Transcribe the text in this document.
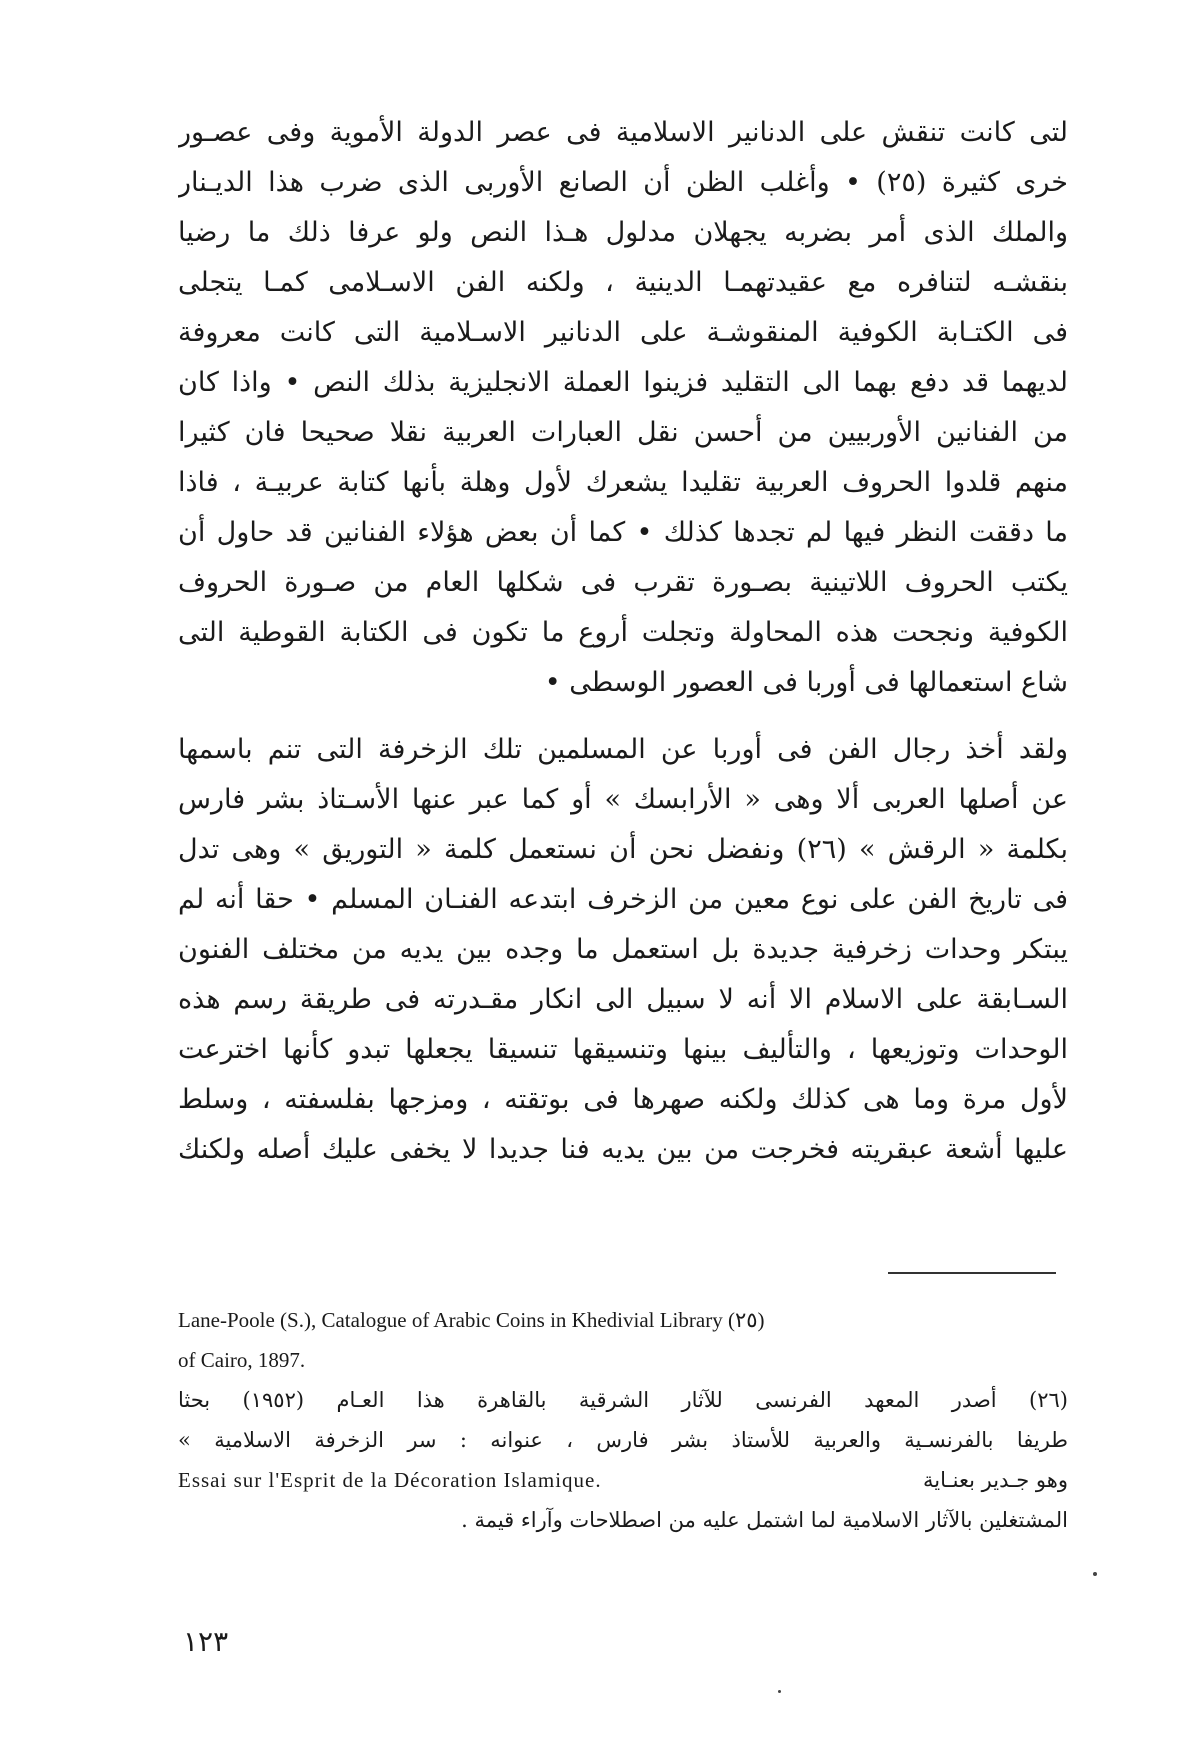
لتى كانت تنقش على الدنانير الاسلامية فى عصر الدولة الأموية وفى عصـور
خرى كثيرة (٢٥) • وأغلب الظن أن الصانع الأوربى الذى ضرب هذا الديـنار
والملك الذى أمر بضربه يجهلان مدلول هـذا النص ولو عرفا ذلك ما رضيا
بنقشـه لتنافره مع عقيدتهمـا الدينية ، ولكنه الفن الاسـلامى كمـا يتجلى
فى الكتـابة الكوفية المنقوشـة على الدنانير الاسـلامية التى كانت معروفة
لديهما قد دفع بهما الى التقليد فزينوا العملة الانجليزية بذلك النص • واذا كان
من الفنانين الأوربيين من أحسن نقل العبارات العربية نقلا صحيحا فان كثيرا
منهم قلدوا الحروف العربية تقليدا يشعرك لأول وهلة بأنها كتابة عربيـة ، فاذا
ما دققت النظر فيها لم تجدها كذلك • كما أن بعض هؤلاء الفنانين قد حاول أن
يكتب الحروف اللاتينية بصـورة تقرب فى شكلها العام من صـورة الحروف
الكوفية ونجحت هذه المحاولة وتجلت أروع ما تكون فى الكتابة القوطية التى
شاع استعمالها فى أوربا فى العصور الوسطى •
ولقد أخذ رجال الفن فى أوربا عن المسلمين تلك الزخرفة التى تنم باسمها
عن أصلها العربى ألا وهى « الأرابسك » أو كما عبر عنها الأسـتاذ بشر فارس
بكلمة « الرقش » (٢٦) ونفضل نحن أن نستعمل كلمة « التوريق » وهى تدل
فى تاريخ الفن على نوع معين من الزخرف ابتدعه الفنـان المسلم • حقا أنه لم
يبتكر وحدات زخرفية جديدة بل استعمل ما وجده بين يديه من مختلف الفنون
السـابقة على الاسلام الا أنه لا سبيل الى انكار مقـدرته فى طريقة رسم هذه
الوحدات وتوزيعها ، والتأليف بينها وتنسيقها تنسيقا يجعلها تبدو كأنها اخترعت
لأول مرة وما هى كذلك ولكنه صهرها فى بوتقته ، ومزجها بفلسفته ، وسلط
عليها أشعة عبقريته فخرجت من بين يديه فنا جديدا لا يخفى عليك أصله ولكنك
Lane-Poole (S.), Catalogue of Arabic Coins in Khedivial Library (٢٥)
of Cairo, 1897.
(٢٦) أصدر المعهد الفرنسى للآثار الشرقية بالقاهرة هذا العـام (١٩٥٢) بحثا
طريفا بالفرنسـية والعربية للأستاذ بشر فارس ، عنوانه : سر الزخرفة الاسلامية »
وهو جـدير بعنـاية
Essai sur l'Esprit de la Décoration Islamique.
المشتغلين بالآثار الاسلامية لما اشتمل عليه من اصطلاحات وآراء قيمة .
١٢٣
